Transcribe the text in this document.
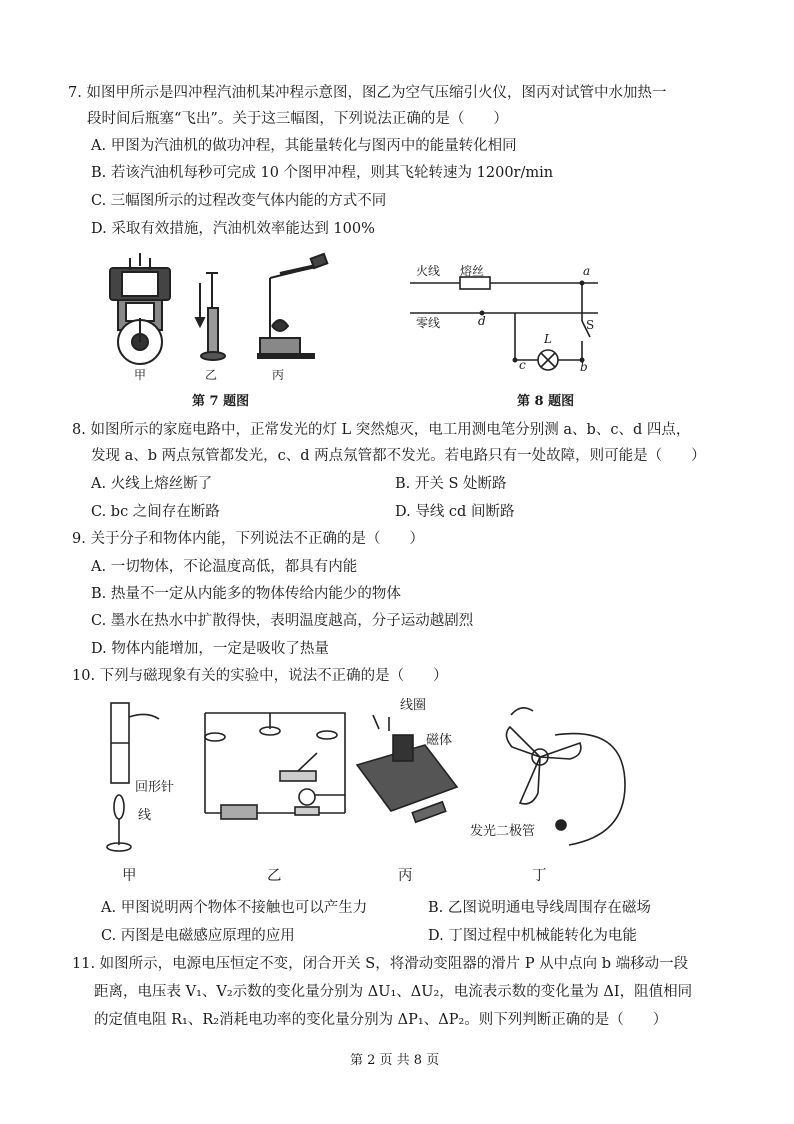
7. 如图甲所示是四冲程汽油机某冲程示意图，图乙为空气压缩引火仪，图丙对试管中水加热一
段时间后瓶塞“飞出”。关于这三幅图，下列说法正确的是（　　）
A. 甲图为汽油机的做功冲程，其能量转化与图丙中的能量转化相同
B. 若该汽油机每秒可完成 10 个图甲冲程，则其飞轮转速为 1200r/min
C. 三幅图所示的过程改变气体内能的方式不同
D. 采取有效措施，汽油机效率能达到 100%
甲	乙	丙
第 7 题图
火线 熔丝
零线
a
d	S
L
c	b
第 8 题图
8. 如图所示的家庭电路中，正常发光的灯 L 突然熄灭，电工用测电笔分别测 a、b、c、d 四点，
发现 a、b 两点氖管都发光，c、d 两点氖管都不发光。若电路只有一处故障，则可能是（　　）
A. 火线上熔丝断了	B. 开关 S 处断路
C. bc 之间存在断路	D. 导线 cd 间断路
9. 关于分子和物体内能，下列说法不正确的是（　　）
A. 一切物体，不论温度高低，都具有内能
B. 热量不一定从内能多的物体传给内能少的物体
C. 墨水在热水中扩散得快，表明温度越高，分子运动越剧烈
D. 物体内能增加，一定是吸收了热量
10. 下列与磁现象有关的实验中，说法不正确的是（　　）
回形针
线
线圈
磁体
发光二极管
甲	乙	丙	丁
A. 甲图说明两个物体不接触也可以产生力	B. 乙图说明通电导线周围存在磁场
C. 丙图是电磁感应原理的应用	D. 丁图过程中机械能转化为电能
11. 如图所示，电源电压恒定不变，闭合开关 S，将滑动变阻器的滑片 P 从中点向 b 端移动一段
距离，电压表 V₁、V₂示数的变化量分别为 ΔU₁、ΔU₂，电流表示数的变化量为 ΔI，阻值相同
的定值电阻 R₁、R₂消耗电功率的变化量分别为 ΔP₁、ΔP₂。则下列判断正确的是（　　）
第 2 页 共 8 页
